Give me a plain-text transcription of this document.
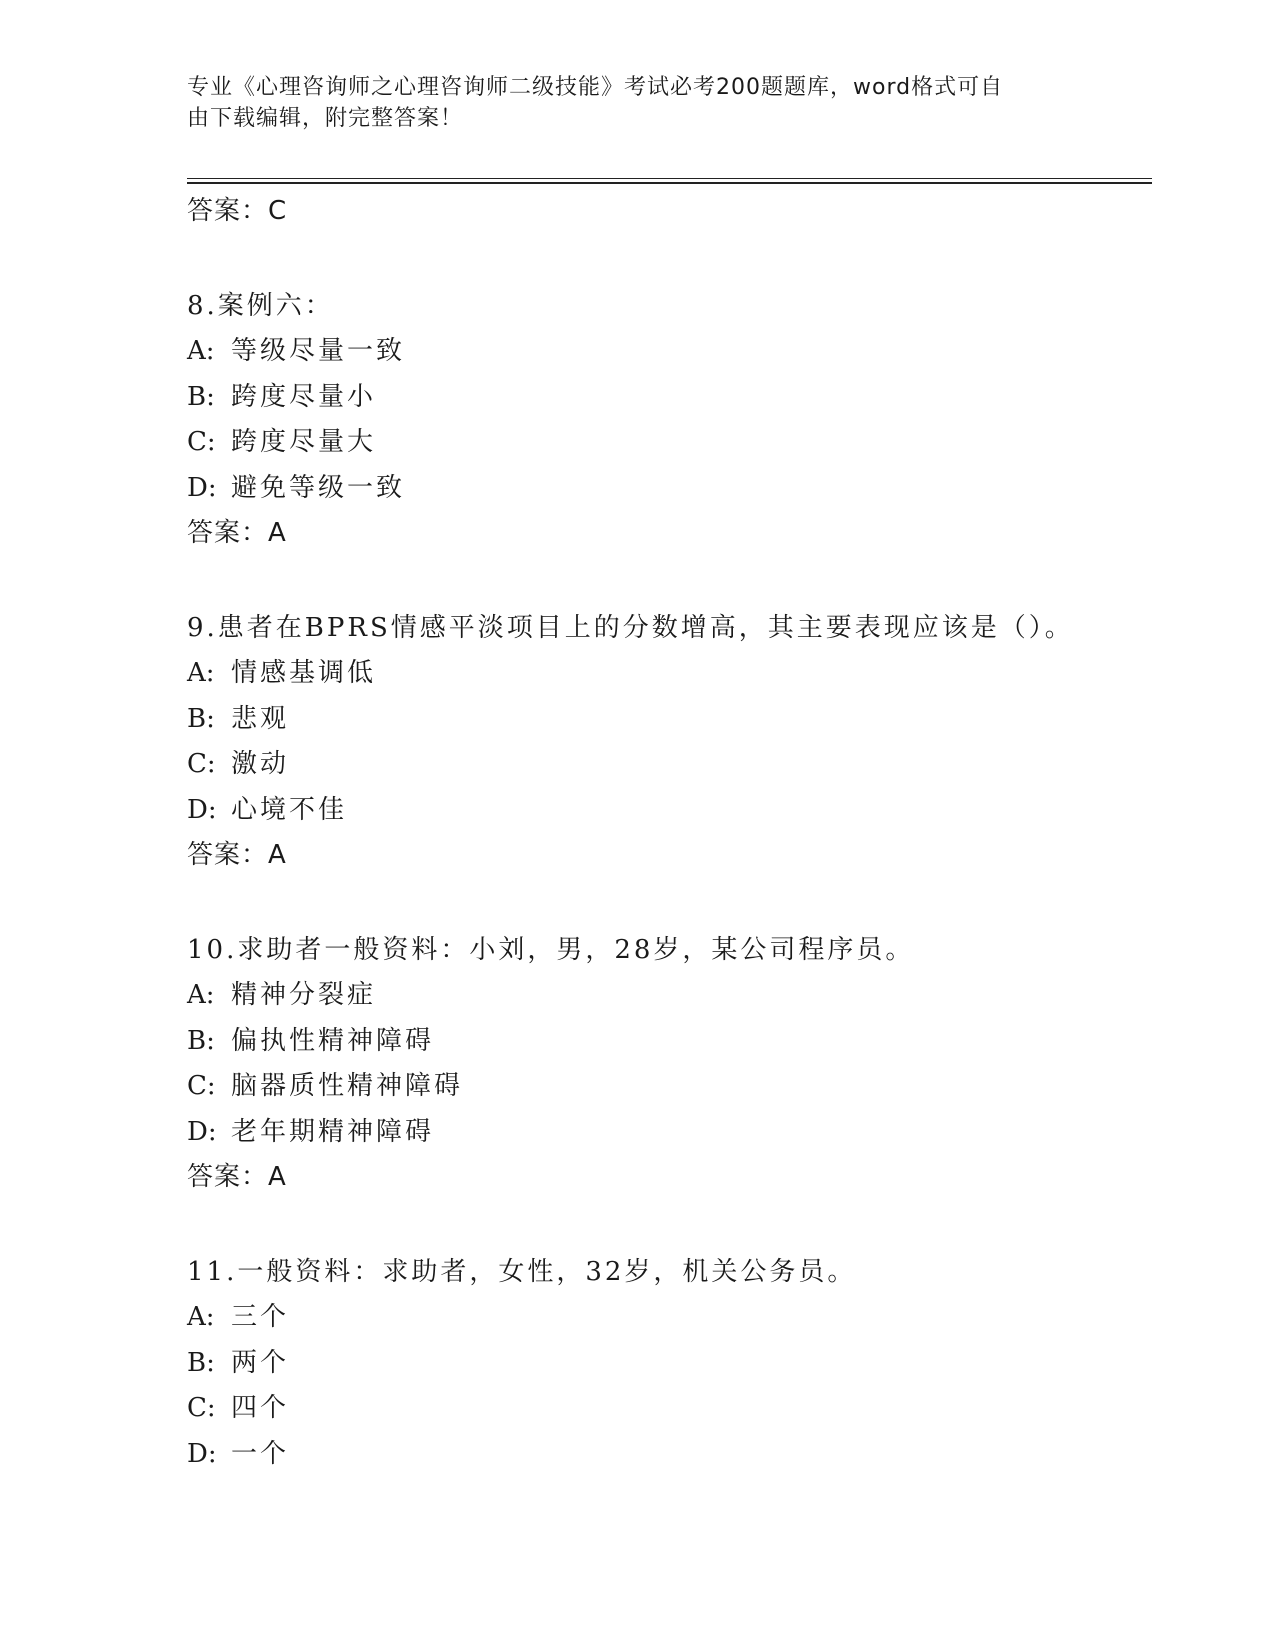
专业《心理咨询师之心理咨询师二级技能》考试必考200题题库，word格式可自
由下载编辑，附完整答案！
答案：C
8.案例六：
A: 等级尽量一致
B: 跨度尽量小
C: 跨度尽量大
D: 避免等级一致
答案：A
9.患者在BPRS情感平淡项目上的分数增高，其主要表现应该是（）。
A: 情感基调低
B: 悲观
C: 激动
D: 心境不佳
答案：A
10.求助者一般资料：小刘，男，28岁，某公司程序员。
A: 精神分裂症
B: 偏执性精神障碍
C: 脑器质性精神障碍
D: 老年期精神障碍
答案：A
11.一般资料：求助者，女性，32岁，机关公务员。
A: 三个
B: 两个
C: 四个
D: 一个
